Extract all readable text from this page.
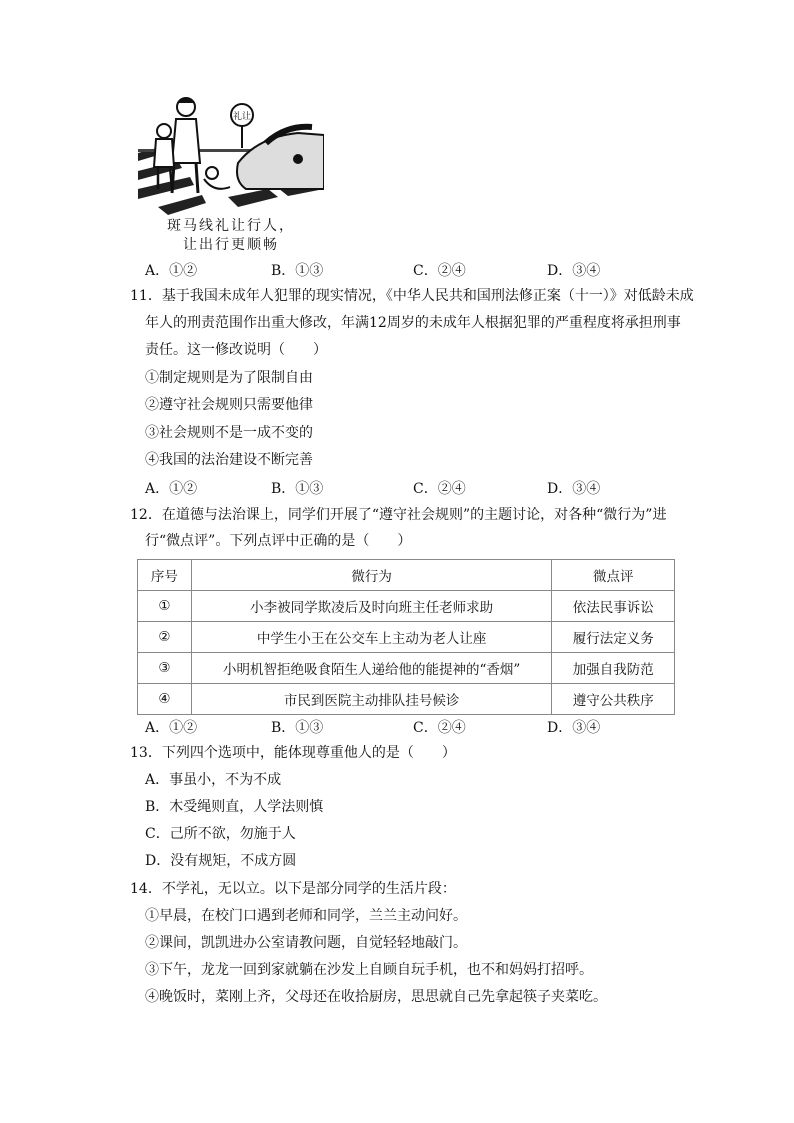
礼让
斑马线礼让行人，
让出行更顺畅
A．①②	B．①③	C．②④	D．③④
11．基于我国未成年人犯罪的现实情况，《中华人民共和国刑法修正案（十一）》对低龄未成
年人的刑责范围作出重大修改，年满12周岁的未成年人根据犯罪的严重程度将承担刑事
责任。这一修改说明（　　）
①制定规则是为了限制自由
②遵守社会规则只需要他律
③社会规则不是一成不变的
④我国的法治建设不断完善
A．①②	B．①③	C．②④	D．③④
12．在道德与法治课上，同学们开展了“遵守社会规则”的主题讨论，对各种“微行为”进
行“微点评”。下列点评中正确的是（　　）
序号	微行为	微点评
①	小李被同学欺凌后及时向班主任老师求助	依法民事诉讼
②	中学生小王在公交车上主动为老人让座	履行法定义务
③	小明机智拒绝吸食陌生人递给他的能提神的“香烟”	加强自我防范
④	市民到医院主动排队挂号候诊	遵守公共秩序
A．①②	B．①③	C．②④	D．③④
13．下列四个选项中，能体现尊重他人的是（　　）
A．事虽小，不为不成
B．木受绳则直，人学法则慎
C．己所不欲，勿施于人
D．没有规矩，不成方圆
14．不学礼，无以立。以下是部分同学的生活片段：
①早晨，在校门口遇到老师和同学，兰兰主动问好。
②课间，凯凯进办公室请教问题，自觉轻轻地敲门。
③下午，龙龙一回到家就躺在沙发上自顾自玩手机，也不和妈妈打招呼。
④晚饭时，菜刚上齐，父母还在收拾厨房，思思就自己先拿起筷子夹菜吃。
